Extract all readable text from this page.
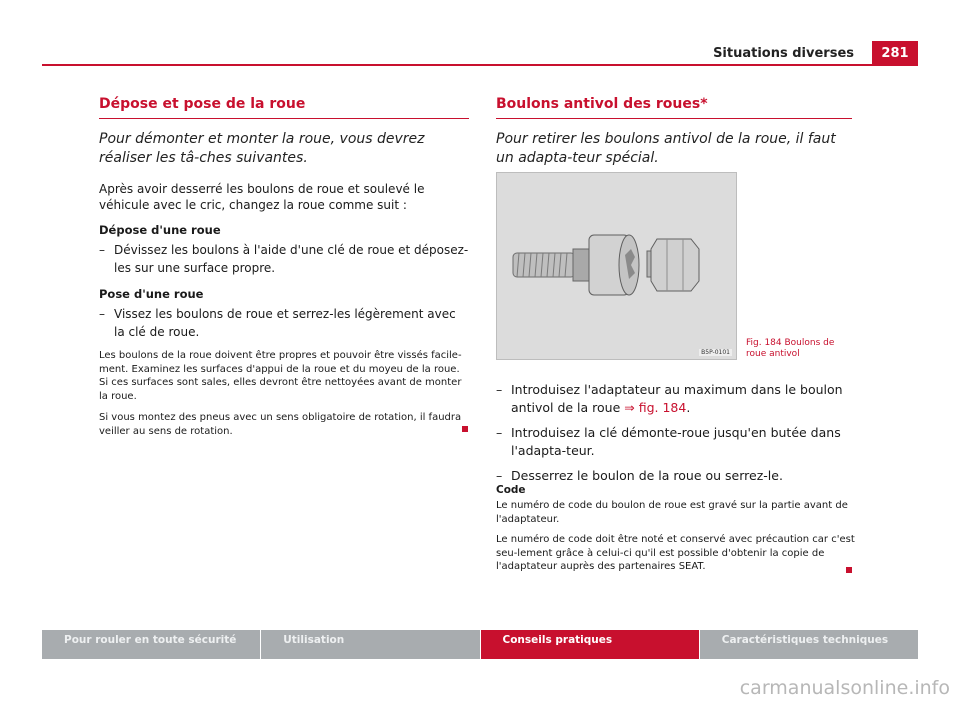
Situations diverses	281
Dépose et pose de la roue
Pour démonter et monter la roue, vous devrez réaliser les tâ-ches suivantes.
Après avoir desserré les boulons de roue et soulevé le véhicule avec le cric, changez la roue comme suit :
Dépose d'une roue
– Dévissez les boulons à l'aide d'une clé de roue et déposez-les sur une surface propre.
Pose d'une roue
– Vissez les boulons de roue et serrez-les légèrement avec la clé de roue.
Les boulons de la roue doivent être propres et pouvoir être vissés facile-ment. Examinez les surfaces d'appui de la roue et du moyeu de la roue. Si ces surfaces sont sales, elles devront être nettoyées avant de monter la roue.
Si vous montez des pneus avec un sens obligatoire de rotation, il faudra veiller au sens de rotation.
Boulons antivol des roues*
Pour retirer les boulons antivol de la roue, il faut un adapta-teur spécial.
B5P-0101
Fig. 184 Boulons de roue antivol
– Introduisez l'adaptateur au maximum dans le boulon antivol de la roue ⇒ fig. 184.
– Introduisez la clé démonte-roue jusqu'en butée dans l'adapta-teur.
– Desserrez le boulon de la roue ou serrez-le.
Code
Le numéro de code du boulon de roue est gravé sur la partie avant de l'adaptateur.
Le numéro de code doit être noté et conservé avec précaution car c'est seu-lement grâce à celui-ci qu'il est possible d'obtenir la copie de l'adaptateur auprès des partenaires SEAT.
Pour rouler en toute sécurité	Utilisation	Conseils pratiques	Caractéristiques techniques
carmanualsonline.info
